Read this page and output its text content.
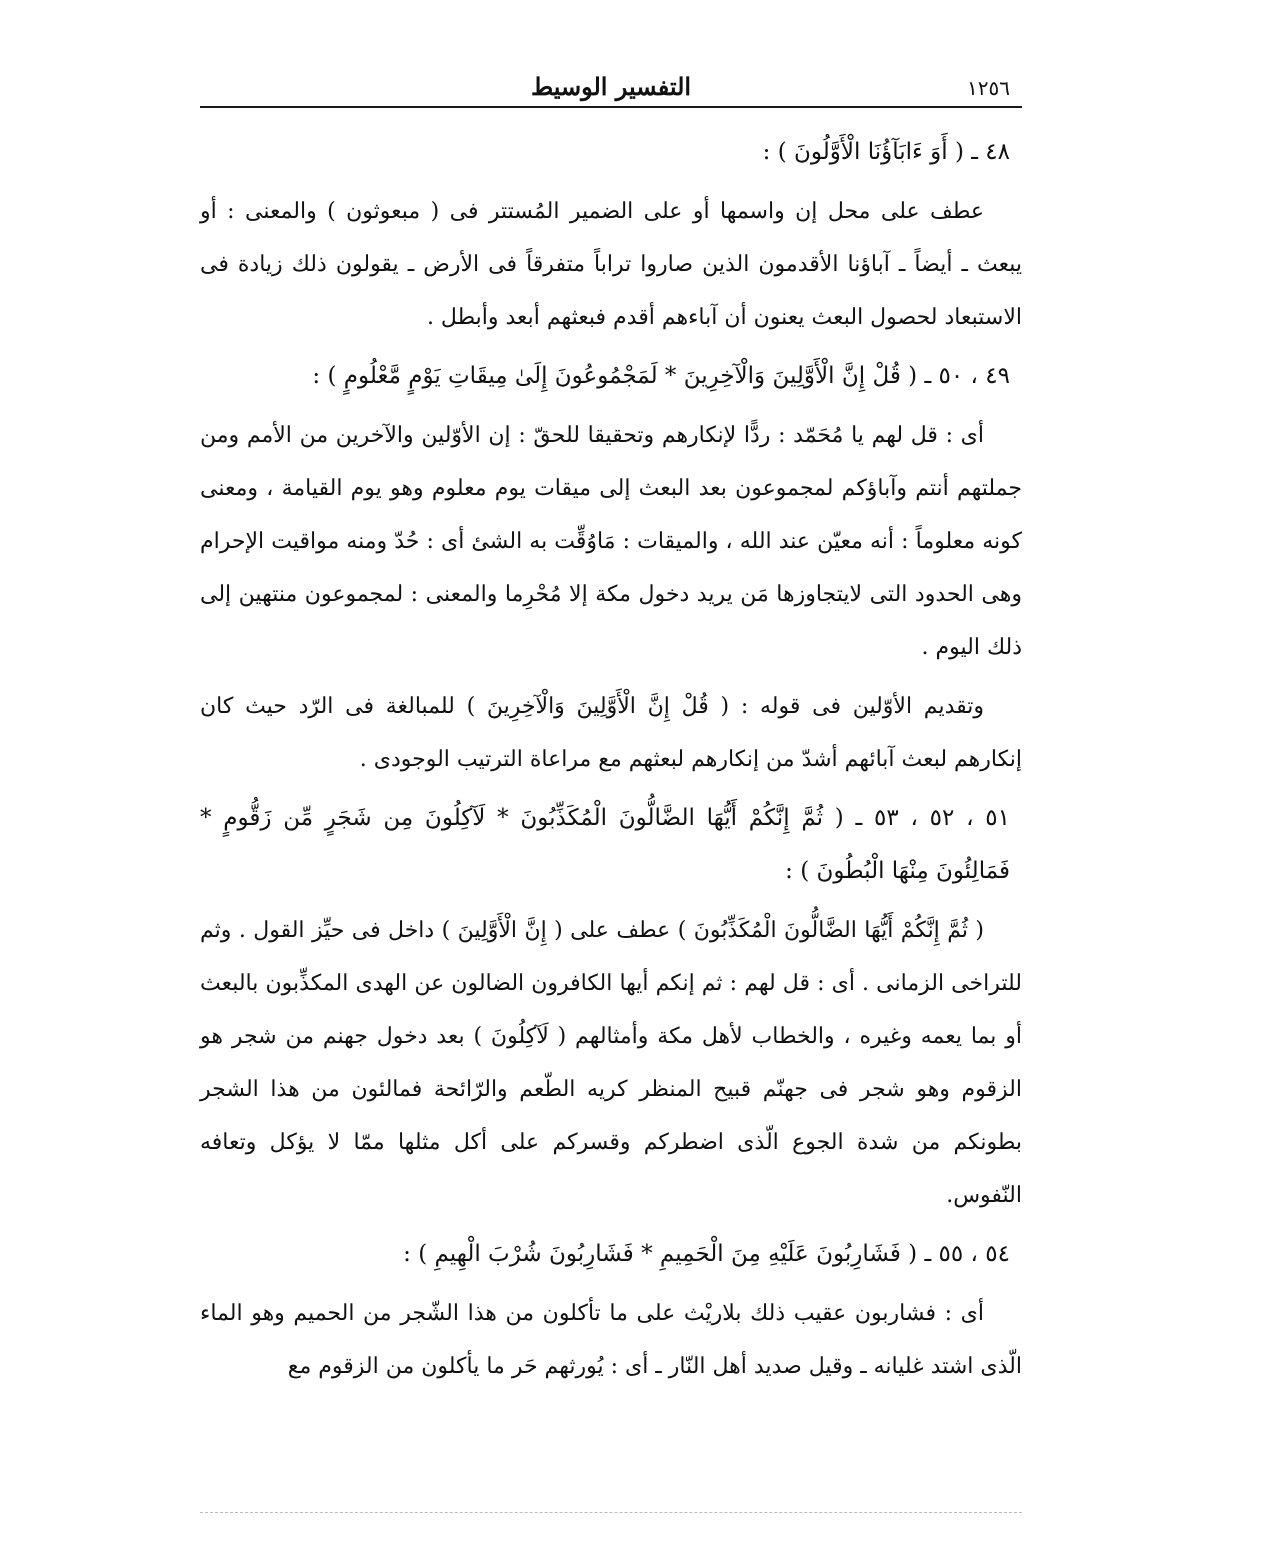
١٢٥٦
التفسير الوسيط
٤٨ ـ ( أَوَ ءَابَآؤُنَا الْأَوَّلُونَ ) :
عطف على محل إن واسمها أو على الضمير المُستتر فى ( مبعوثون ) والمعنى : أو يبعث ـ أيضاً ـ آباؤنا الأقدمون الذين صاروا تراباً متفرقاً فى الأرض ـ يقولون ذلك زيادة فى الاستبعاد لحصول البعث يعنون أن آباءهم أقدم فبعثهم أبعد وأبطل .
٤٩ ، ٥٠ ـ ( قُلْ إِنَّ الْأَوَّلِينَ وَالْآخِرِينَ * لَمَجْمُوعُونَ إِلَىٰ مِيقَاتِ يَوْمٍ مَّعْلُومٍ ) :
أى : قل لهم يا مُحَمّد : ردًّا لإنكارهم وتحقيقا للحقّ : إن الأوّلين والآخرين من الأمم ومن جملتهم أنتم وآباؤكم لمجموعون بعد البعث إلى ميقات يوم معلوم وهو يوم القيامة ، ومعنى كونه معلوماً : أنه معيّن عند الله ، والميقات : مَاوُقِّت به الشئ أى : حُدّ ومنه مواقيت الإحرام وهى الحدود التى لايتجاوزها مَن يريد دخول مكة إلا مُحْرِما والمعنى : لمجموعون منتهين إلى ذلك اليوم .
وتقديم الأوّلين فى قوله : ( قُلْ إِنَّ الْأَوَّلِينَ وَالْآخِرِينَ ) للمبالغة فى الرّد حيث كان إنكارهم لبعث آبائهم أشدّ من إنكارهم لبعثهم مع مراعاة الترتيب الوجودى .
٥١ ، ٥٢ ، ٥٣ ـ ( ثُمَّ إِنَّكُمْ أَيُّهَا الضَّالُّونَ الْمُكَذِّبُونَ * لَآكِلُونَ مِن شَجَرٍ مِّن زَقُّومٍ * فَمَالِئُونَ مِنْهَا الْبُطُونَ ) :
( ثُمَّ إِنَّكُمْ أَيُّهَا الضَّالُّونَ الْمُكَذِّبُونَ ) عطف على ( إِنَّ الْأَوَّلِينَ ) داخل فى حيِّز القول . وثم للتراخى الزمانى . أى : قل لهم : ثم إنكم أيها الكافرون الضالون عن الهدى المكذِّبون بالبعث أو بما يعمه وغيره ، والخطاب لأهل مكة وأمثالهم ( لَآكِلُونَ ) بعد دخول جهنم من شجر هو الزقوم وهو شجر فى جهنّم قبيح المنظر كريه الطّعم والرّائحة فمالئون من هذا الشجر بطونكم من شدة الجوع الّذى اضطركم وقسركم على أكل مثلها ممّا لا يؤكل وتعافه النّفوس.
٥٤ ، ٥٥ ـ ( فَشَارِبُونَ عَلَيْهِ مِنَ الْحَمِيمِ * فَشَارِبُونَ شُرْبَ الْهِيمِ ) :
أى : فشاربون عقيب ذلك بلاريْث على ما تأكلون من هذا الشّجر من الحميم وهو الماء الّذى اشتد غليانه ـ وقيل صديد أهل النّار ـ أى : يُورثهم حَر ما يأكلون من الزقوم مع
